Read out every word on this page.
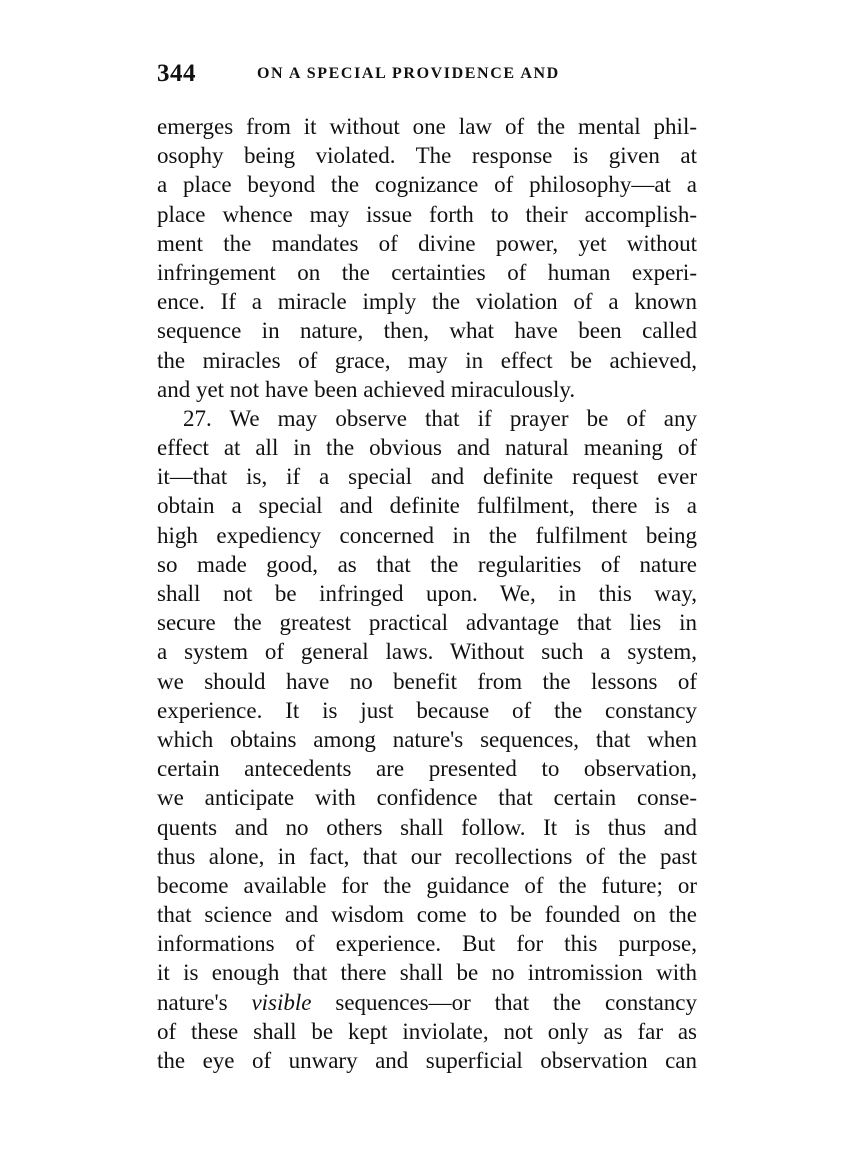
344	ON A SPECIAL PROVIDENCE AND
emerges from it without one law of the mental phil-
osophy being violated. The response is given at
a place beyond the cognizance of philosophy—at a
place whence may issue forth to their accomplish-
ment the mandates of divine power, yet without
infringement on the certainties of human experi-
ence. If a miracle imply the violation of a known
sequence in nature, then, what have been called
the miracles of grace, may in effect be achieved,
and yet not have been achieved miraculously.
27. We may observe that if prayer be of any
effect at all in the obvious and natural meaning of
it—that is, if a special and definite request ever
obtain a special and definite fulfilment, there is a
high expediency concerned in the fulfilment being
so made good, as that the regularities of nature
shall not be infringed upon. We, in this way,
secure the greatest practical advantage that lies in
a system of general laws. Without such a system,
we should have no benefit from the lessons of
experience. It is just because of the constancy
which obtains among nature's sequences, that when
certain antecedents are presented to observation,
we anticipate with confidence that certain conse-
quents and no others shall follow. It is thus and
thus alone, in fact, that our recollections of the past
become available for the guidance of the future; or
that science and wisdom come to be founded on the
informations of experience. But for this purpose,
it is enough that there shall be no intromission with
nature's visible sequences—or that the constancy
of these shall be kept inviolate, not only as far as
the eye of unwary and superficial observation can
